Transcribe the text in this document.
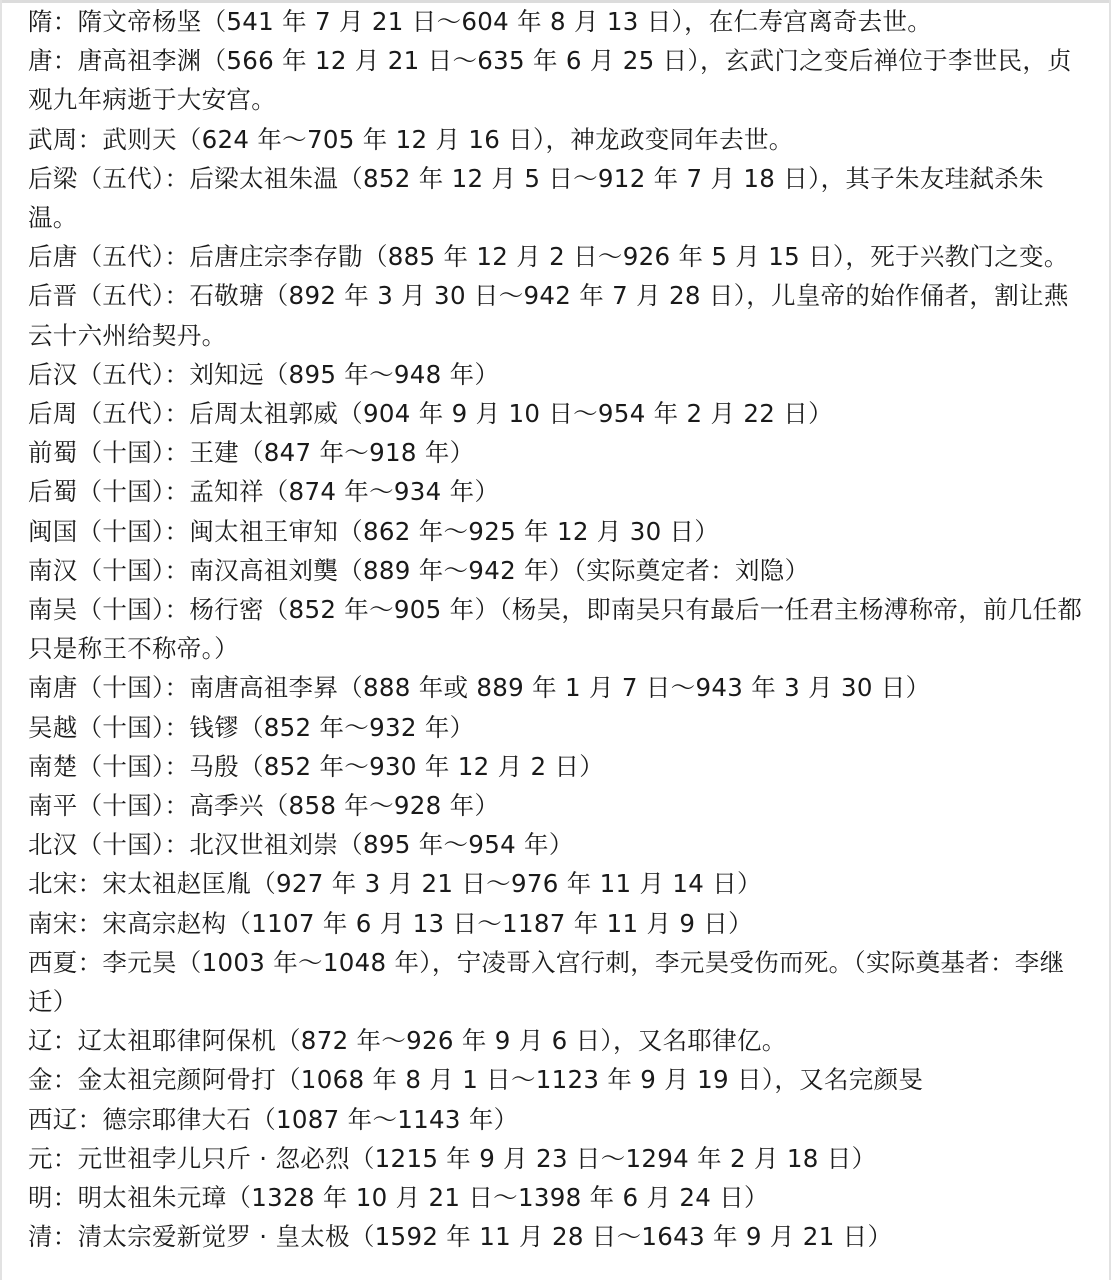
隋：隋文帝杨坚（541 年 7 月 21 日～604 年 8 月 13 日），在仁寿宫离奇去世。

唐：唐高祖李渊（566 年 12 月 21 日～635 年 6 月 25 日），玄武门之变后禅位于李世民，贞观九年病逝于大安宫。

武周：武则天（624 年～705 年 12 月 16 日），神龙政变同年去世。

后梁（五代）：后梁太祖朱温（852 年 12 月 5 日～912 年 7 月 18 日），其子朱友珪弑杀朱温。

后唐（五代）：后唐庄宗李存勖（885 年 12 月 2 日～926 年 5 月 15 日），死于兴教门之变。

后晋（五代）：石敬瑭（892 年 3 月 30 日～942 年 7 月 28 日），儿皇帝的始作俑者，割让燕云十六州给契丹。

后汉（五代）：刘知远（895 年～948 年）

后周（五代）：后周太祖郭威（904 年 9 月 10 日～954 年 2 月 22 日）

前蜀（十国）：王建（847 年～918 年）

后蜀（十国）：孟知祥（874 年～934 年）

闽国（十国）：闽太祖王审知（862 年～925 年 12 月 30 日）

南汉（十国）：南汉高祖刘龑（889 年～942 年）（实际奠定者：刘隐）

南吴（十国）：杨行密（852 年～905 年）（杨吴，即南吴只有最后一任君主杨溥称帝，前几任都只是称王不称帝。）

南唐（十国）：南唐高祖李昪（888 年或 889 年 1 月 7 日～943 年 3 月 30 日）

吴越（十国）：钱镠（852 年～932 年）

南楚（十国）：马殷（852 年～930 年 12 月 2 日）

南平（十国）：高季兴（858 年～928 年）

北汉（十国）：北汉世祖刘崇（895 年～954 年）

北宋：宋太祖赵匡胤（927 年 3 月 21 日～976 年 11 月 14 日）

南宋：宋高宗赵构（1107 年 6 月 13 日～1187 年 11 月 9 日）

西夏：李元昊（1003 年～1048 年），宁凌哥入宫行刺，李元昊受伤而死。（实际奠基者：李继迁）

辽：辽太祖耶律阿保机（872 年～926 年 9 月 6 日），又名耶律亿。

金：金太祖完颜阿骨打（1068 年 8 月 1 日～1123 年 9 月 19 日），又名完颜旻

西辽：德宗耶律大石（1087 年～1143 年）

元：元世祖孛儿只斤 · 忽必烈（1215 年 9 月 23 日～1294 年 2 月 18 日）

明：明太祖朱元璋（1328 年 10 月 21 日～1398 年 6 月 24 日）

清：清太宗爱新觉罗 · 皇太极（1592 年 11 月 28 日～1643 年 9 月 21 日）
